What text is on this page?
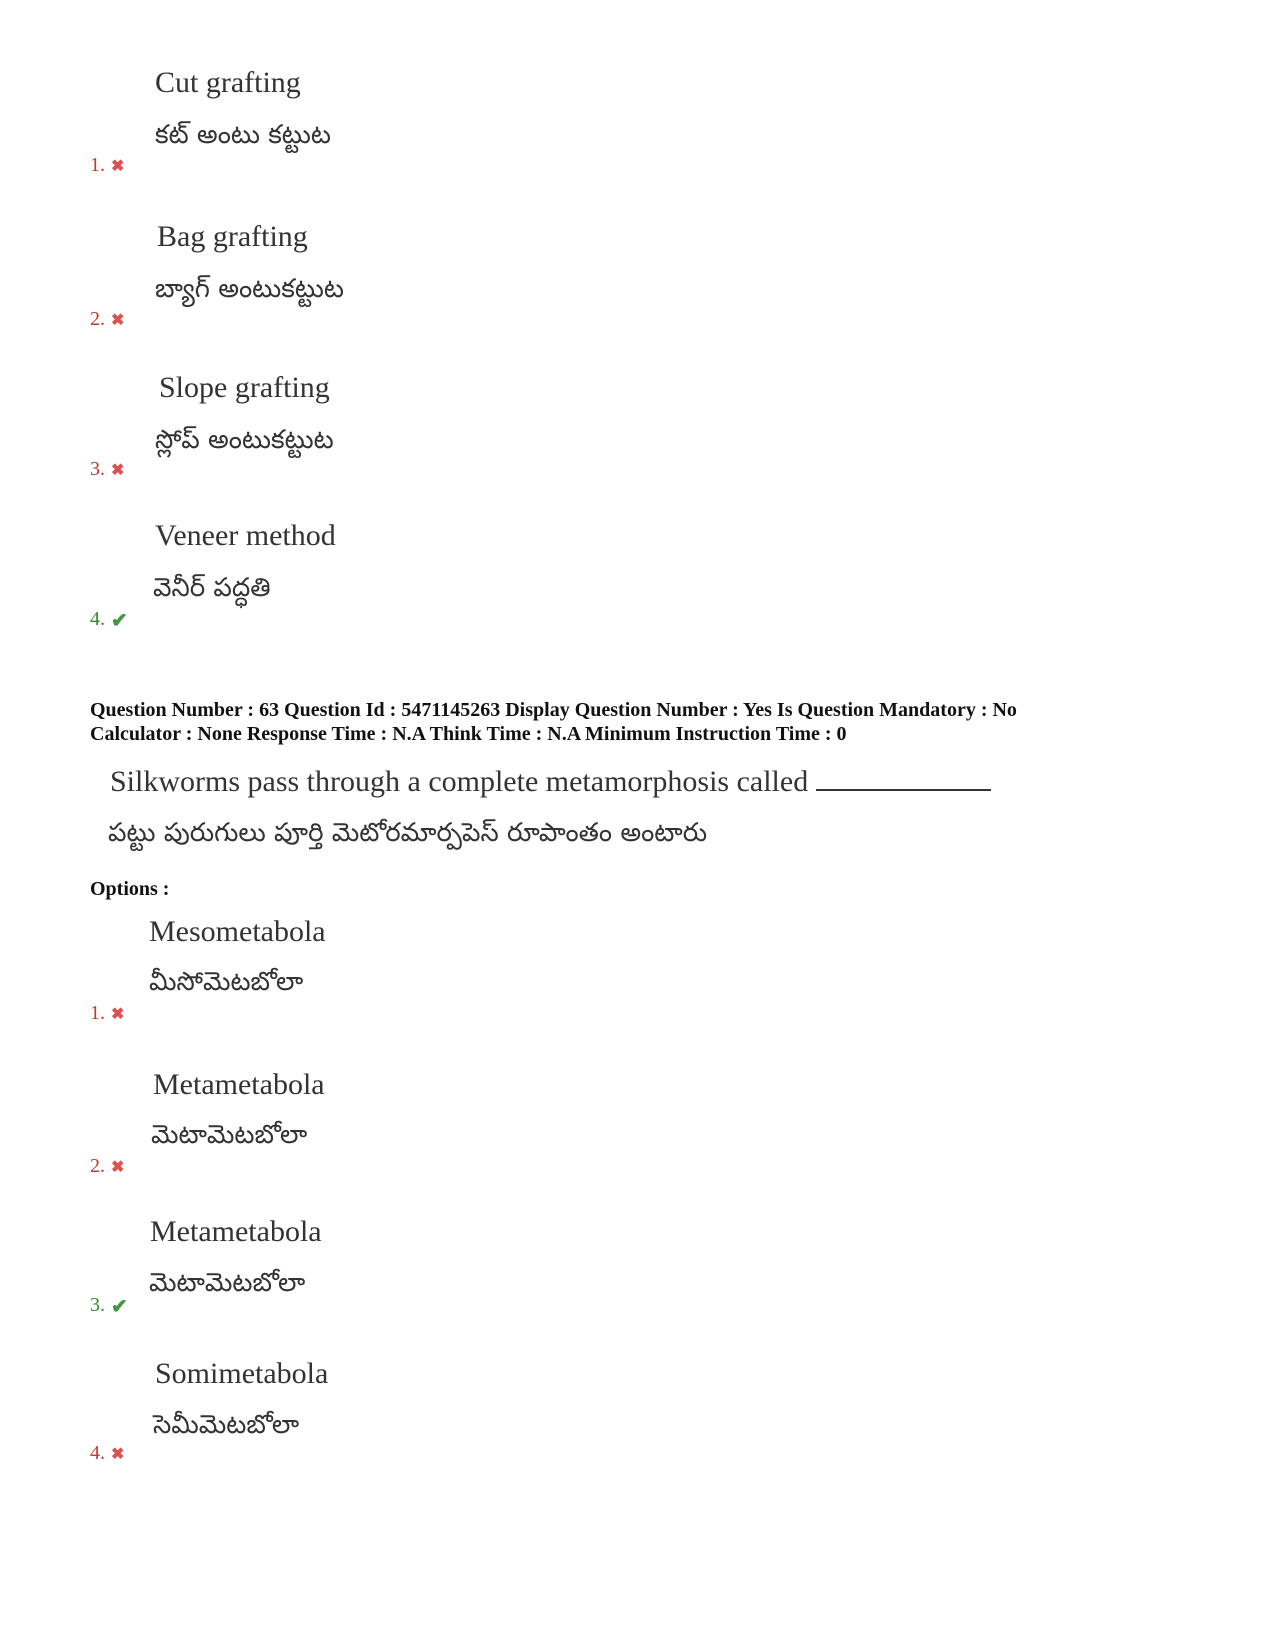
Cut grafting
కట్ అంటు కట్టుట
1. ✖
Bag grafting
బ్యాగ్ అంటుకట్టుట
2. ✖
Slope grafting
స్లోప్ అంటుకట్టుట
3. ✖
Veneer method
వెనీర్ పద్ధతి
4. ✔
Question Number : 63 Question Id : 5471145263 Display Question Number : Yes Is Question Mandatory : No
Calculator : None Response Time : N.A Think Time : N.A Minimum Instruction Time : 0
Silkworms pass through a complete metamorphosis called
పట్టు పురుగులు పూర్తి మెటోరమార్పపెస్ రూపాంతం అంటారు
Options :
Mesometabola
మీసోమెటబోలా
1. ✖
Metametabola
మెటామెటబోలా
2. ✖
Metametabola
మెటామెటబోలా
3. ✔
Somimetabola
సెమీమెటబోలా
4. ✖
